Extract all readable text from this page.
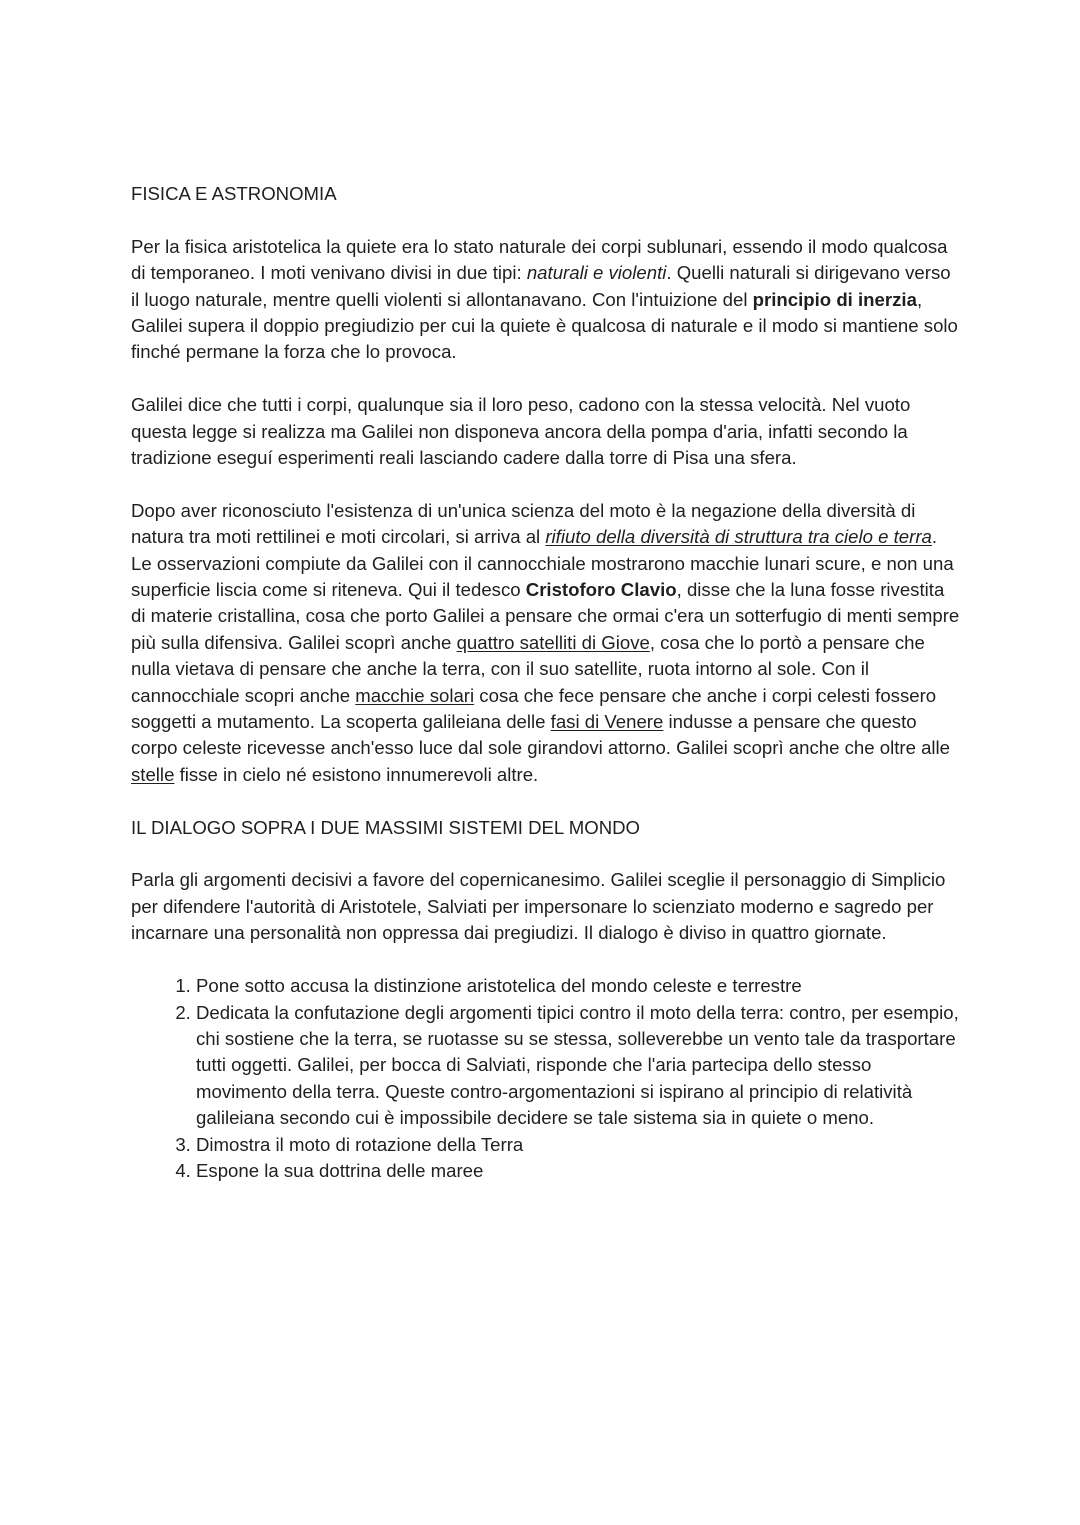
FISICA E ASTRONOMIA

Per la fisica aristotelica la quiete era lo stato naturale dei corpi sublunari, essendo il modo qualcosa di temporaneo. I moti venivano divisi in due tipi: naturali e violenti. Quelli naturali si dirigevano verso il luogo naturale, mentre quelli violenti si allontanavano. Con l'intuizione del principio di inerzia, Galilei supera il doppio pregiudizio per cui la quiete è qualcosa di naturale e il modo si mantiene solo finché permane la forza che lo provoca.

Galilei dice che tutti i corpi, qualunque sia il loro peso, cadono con la stessa velocità. Nel vuoto questa legge si realizza ma Galilei non disponeva ancora della pompa d'aria, infatti secondo la tradizione eseguí esperimenti reali lasciando cadere dalla torre di Pisa una sfera.

Dopo aver riconosciuto l'esistenza di un'unica scienza del moto è la negazione della diversità di natura tra moti rettilinei e moti circolari, si arriva al rifiuto della diversità di struttura tra cielo e terra. Le osservazioni compiute da Galilei con il cannocchiale mostrarono macchie lunari scure, e non una superficie liscia come si riteneva. Qui il tedesco Cristoforo Clavio, disse che la luna fosse rivestita di materie cristallina, cosa che porto Galilei a pensare che ormai c'era un sotterfugio di menti sempre più sulla difensiva. Galilei scoprì anche quattro satelliti di Giove, cosa che lo portò a pensare che nulla vietava di pensare che anche la terra, con il suo satellite, ruota intorno al sole. Con il cannocchiale scopri anche macchie solari cosa che fece pensare che anche i corpi celesti fossero soggetti a mutamento. La scoperta galileiana delle fasi di Venere indusse a pensare che questo corpo celeste ricevesse anch'esso luce dal sole girandovi attorno. Galilei scoprì anche che oltre alle stelle fisse in cielo né esistono innumerevoli altre.

IL DIALOGO SOPRA I DUE MASSIMI SISTEMI DEL MONDO

Parla gli argomenti decisivi a favore del copernicanesimo. Galilei sceglie il personaggio di Simplicio per difendere l'autorità di Aristotele, Salviati per impersonare lo scienziato moderno e sagredo per incarnare una personalità non oppressa dai pregiudizi. Il dialogo è diviso in quattro giornate.

1. Pone sotto accusa la distinzione aristotelica del mondo celeste e terrestre
2. Dedicata la confutazione degli argomenti tipici contro il moto della terra: contro, per esempio, chi sostiene che la terra, se ruotasse su se stessa, solleverebbe un vento tale da trasportare tutti oggetti. Galilei, per bocca di Salviati, risponde che l'aria partecipa dello stesso movimento della terra. Queste contro-argomentazioni si ispirano al principio di relatività galileiana secondo cui è impossibile decidere se tale sistema sia in quiete o meno.
3. Dimostra il moto di rotazione della Terra
4. Espone la sua dottrina delle maree
